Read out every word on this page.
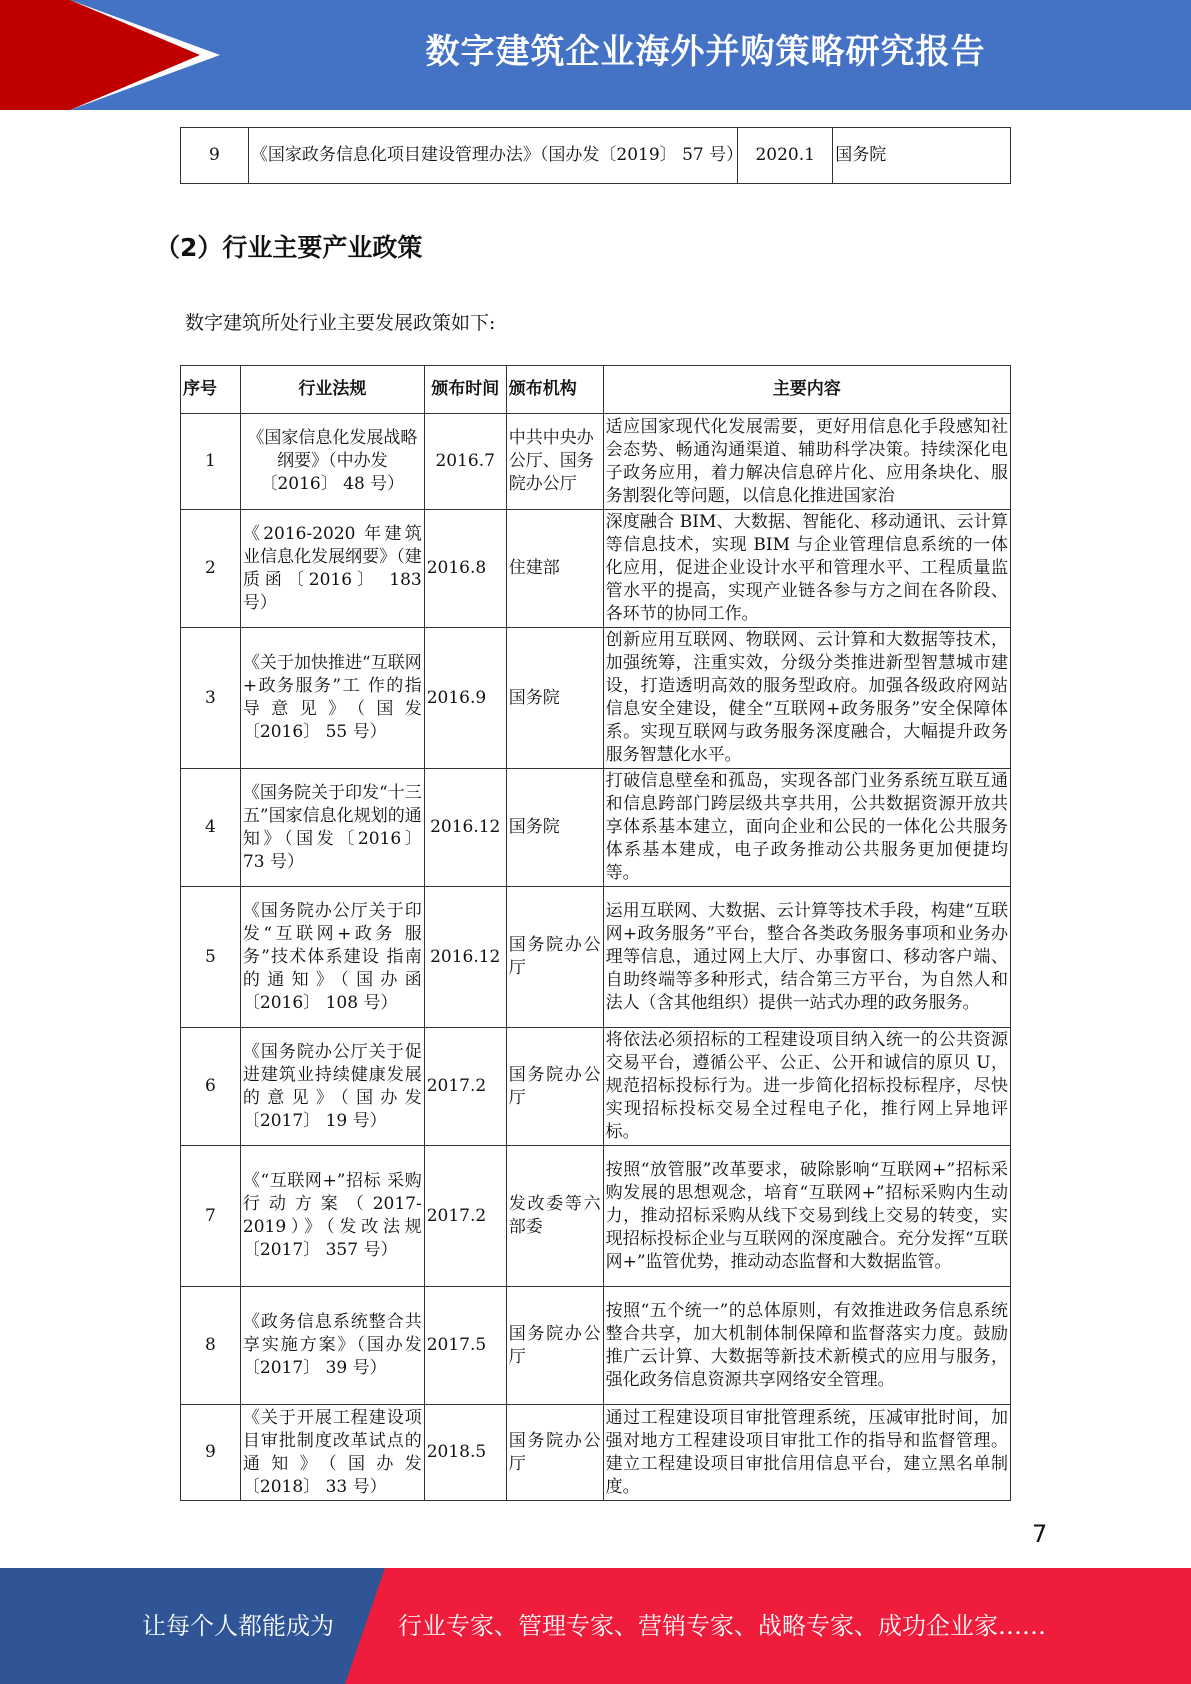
数字建筑企业海外并购策略研究报告
9	《国家政务信息化项目建设管理办法》（国办发〔2019〕 57 号）	2020.1	国务院
（2）行业主要产业政策
数字建筑所处行业主要发展政策如下:
序号	行业法规	颁布时间	颁布机构	主要内容
1	《国家信息化发展战略纲要》（中办发〔2016〕 48 号）	2016.7	中共中央办公厅、国务院办公厅	适应国家现代化发展需要，更好用信息化手段感知社会态势、畅通沟通渠道、辅助科学决策。持续深化电子政务应用，着力解决信息碎片化、应用条块化、服务割裂化等问题，以信息化推进国家治

2	《2016-2020 年建筑 业信息化发展纲要》（建质函〔2016〕 183 号）	2016.8	住建部	深度融合 BIM、大数据、智能化、移动通讯、云计算等信息技术，实现 BIM 与企业管理信息系统的一体化应用，促进企业设计水平和管理水平、工程质量监管水平的提高，实现产业链各参与方之间在各阶段、各环节的协同工作。
3	《关于加快推进“互联网+政务服务”工 作的指导意见》（国发〔2016〕 55 号）	2016.9	国务院	创新应用互联网、物联网、云计算和大数据等技术，加强统筹，注重实效，分级分类推进新型智慧城市建设，打造透明高效的服务型政府。加强各级政府网站信息安全建设，健全“互联网+政务服务”安全保障体系。实现互联网与政务服务深度融合，大幅提升政务服务智慧化水平。
4	《国务院关于印发“十三五”国家信息化规划的通知》（国发〔2016〕 73 号）	2016.12	国务院	打破信息壁垒和孤岛，实现各部门业务系统互联互通和信息跨部门跨层级共享共用，公共数据资源开放共享体系基本建立，面向企业和公民的一体化公共服务体系基本建成，电子政务推动公共服务更加便捷均等。
5	《国务院办公厅关于印发“互联网+政务 服务”技术体系建设 指南的通知》（国办函〔2016〕 108 号）	2016.12	国务院办公厅	运用互联网、大数据、云计算等技术手段，构建“互联网+政务服务”平台，整合各类政务服务事项和业务办理等信息，通过网上大厅、办事窗口、移动客户端、自助终端等多种形式，结合第三方平台，为自然人和法人（含其他组织）提供一站式办理的政务服务。
6	《国务院办公厅关于促进建筑业持续健康发展的意见》（国办发〔2017〕 19 号）	2017.2	国务院办公厅	将依法必须招标的工程建设项目纳入统一的公共资源交易平台，遵循公平、公正、公开和诚信的原贝 U，规范招标投标行为。进一步简化招标投标程序，尽快实现招标投标交易全过程电子化，推行网上异地评标。
7	《“互联网+”招标 采购行动方案（2017-2019）》（发改法规〔2017〕 357 号）	2017.2	发改委等六部委	按照“放管服”改革要求，破除影响“互联网+”招标采购发展的思想观念，培育“互联网+”招标采购内生动力，推动招标采购从线下交易到线上交易的转变，实现招标投标企业与互联网的深度融合。充分发挥“互联网+”监管优势，推动动态监督和大数据监管。
8	《政务信息系统整合共享实施方案》（国办发〔2017〕 39 号）	2017.5	国务院办公厅	按照“五个统一”的总体原则，有效推进政务信息系统整合共享，加大机制体制保障和监督落实力度。鼓励推广云计算、大数据等新技术新模式的应用与服务，强化政务信息资源共享网络安全管理。
9	《关于开展工程建设项目审批制度改革试点的通知》（国办发〔2018〕 33 号）	2018.5	国务院办公厅	通过工程建设项目审批管理系统，压减审批时间，加强对地方工程建设项目审批工作的指导和监督管理。建立工程建设项目审批信用信息平台，建立黑名单制度。
7
让每个人都能成为	行业专家、管理专家、营销专家、战略专家、成功企业家……
